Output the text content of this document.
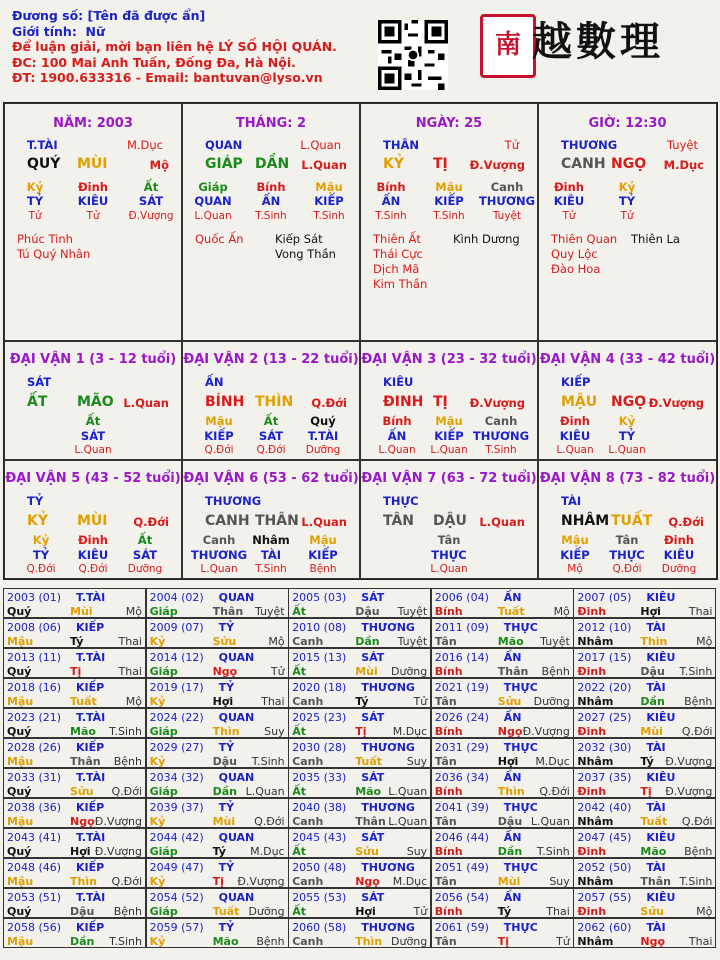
Đương số: [Tên đã được ẩn]
Giới tính: Nữ
Để luận giải, mời bạn liên hệ LÝ SỐ HỘI QUÁN.
ĐC: 100 Mai Anh Tuấn, Đống Đa, Hà Nội.
ĐT: 1900.633316 - Email: bantuvan@lyso.vn
南 越數理
NĂM: 2003
T.TÀI	M.Dục
QUÝ MÙI	Mộ
Kỷ
TỶ
Tử
Đinh
KIÊU
Tử
Ất
SÁT
Đ.Vượng
Phúc Tinh
Tú Quý Nhân
THÁNG: 2
QUAN	L.Quan
GIÁP DẦN L.Quan
Giáp
QUAN
L.Quan
Bính
ẤN
T.Sinh
Mậu
KIẾP
T.Sinh
Quốc Ấn	Kiếp Sát
Vong Thần
NGÀY: 25
THÂN	Tử
KỶ TỊ Đ.Vượng
Bính
ẤN
T.Sinh
Mậu
KIẾP
T.Sinh
Canh
THƯƠNG
Tuyệt
Thiên Ất
Thái Cực
Dịch Mã
Kim Thần
Kình Dương
GIỜ: 12:30
THƯƠNG	Tuyệt
CANH NGỌ M.Dục
Đinh
KIÊU
Tử
Kỷ
TỶ
Tử
Thiên Quan
Quy Lộc
Đào Hoa
Thiên La
ĐẠI VẬN 1 (3 - 12 tuổi)
SÁT
ẤT MÃO L.Quan
Ất
SÁT
L.Quan
ĐẠI VẬN 2 (13 - 22 tuổi)
ẤN
BÍNH THÌN Q.Đới
Mậu
KIẾP
Q.Đới
Ất
SÁT
Q.Đới
Quý
T.TÀI
Dưỡng
ĐẠI VẬN 3 (23 - 32 tuổi)
KIÊU
ĐINH TỊ Đ.Vượng
Bính
ẤN
L.Quan
Mậu
KIẾP
L.Quan
Canh
THƯƠNG
T.Sinh
ĐẠI VẬN 4 (33 - 42 tuổi)
KIẾP
MẬU NGỌ Đ.Vượng
Đinh
KIÊU
L.Quan
Kỷ
TỶ
L.Quan
ĐẠI VẬN 5 (43 - 52 tuổi)
TỶ
KỶ MÙI Q.Đới
Kỷ
TỶ
Q.Đới
Đinh
KIÊU
Q.Đới
Ất
SÁT
Dưỡng
ĐẠI VẬN 6 (53 - 62 tuổi)
THƯƠNG
CANH THÂN L.Quan
Canh
THƯƠNG
L.Quan
Nhâm
TÀI
T.Sinh
Mậu
KIẾP
Bệnh
ĐẠI VẬN 7 (63 - 72 tuổi)
THỰC
TÂN DẬU L.Quan
Tân
THỰC
L.Quan
ĐẠI VẬN 8 (73 - 82 tuổi)
TÀI
NHÂM TUẤT Q.Đới
Mậu
KIẾP
Mộ
Tân
THỰC
Q.Đới
Đinh
KIÊU
Dưỡng
2003 (01) T.TÀI
Quý	Mùi	Mộ
2004 (02) QUAN
Giáp	Thân Tuyệt
2005 (03) SÁT
Ất	Dậu Tuyệt
2006 (04) ẤN
Bính	Tuất	Mộ
2007 (05) KIÊU
Đinh	Hợi	Thai
2008 (06) KIẾP
Mậu	Tý	Thai
2009 (07) TỶ
Kỷ	Sửu	Mộ
2010 (08) THƯƠNG
Canh	Dần Tuyệt
2011 (09) THỰC
Tân	Mão Tuyệt
2012 (10) TÀI
Nhâm Thìn	Mộ
2013 (11) T.TÀI
Quý	Tị	Thai
2014 (12) QUAN
Giáp	Ngọ	Tử
2015 (13) SÁT
Ất	Mùi Dưỡng
2016 (14) ẤN
Bính	Thân Bệnh
2017 (15) KIÊU
Đinh	Dậu T.Sinh
2018 (16) KIẾP
Mậu	Tuất	Mộ
2019 (17) TỶ
Kỷ	Hợi	Thai
2020 (18) THƯƠNG
Canh	Tý	Tử
2021 (19) THỰC
Tân	Sửu Dưỡng
2022 (20) TÀI
Nhâm Dần Bệnh
2023 (21) T.TÀI
Quý	Mão T.Sinh
2024 (22) QUAN
Giáp	Thìn Suy
2025 (23) SÁT
Ất	Tị M.Dục
2026 (24) ẤN
Bính	Ngọ Đ.Vượng
2027 (25) KIÊU
Đinh	Mùi Q.Đới
2028 (26) KIẾP
Mậu	Thân Bệnh
2029 (27) TỶ
Kỷ	Dậu T.Sinh
2030 (28) THƯƠNG
Canh	Tuất Suy
2031 (29) THỰC
Tân	Hợi M.Dục
2032 (30) TÀI
Nhâm Tý Đ.Vượng
2033 (31) T.TÀI
Quý	Sửu Q.Đới
2034 (32) QUAN
Giáp	Dần L.Quan
2035 (33) SÁT
Ất	Mão L.Quan
2036 (34) ẤN
Bính	Thìn Q.Đới
2037 (35) KIÊU
Đinh	Tị Đ.Vượng
2038 (36) KIẾP
Mậu	Ngọ Đ.Vượng
2039 (37) TỶ
Kỷ	Mùi Q.Đới
2040 (38) THƯƠNG
Canh	Thân L.Quan
2041 (39) THỰC
Tân	Dậu L.Quan
2042 (40) TÀI
Nhâm Tuất Q.Đới
2043 (41) T.TÀI
Quý	Hợi Đ.Vượng
2044 (42) QUAN
Giáp	Tý M.Dục
2045 (43) SÁT
Ất	Sửu	Suy
2046 (44) ẤN
Bính	Dần T.Sinh
2047 (45) KIÊU
Đinh	Mão Bệnh
2048 (46) KIẾP
Mậu	Thìn Q.Đới
2049 (47) TỶ
Kỷ	Tị Đ.Vượng
2050 (48) THƯƠNG
Canh	Ngọ M.Dục
2051 (49) THỰC
Tân	Mùi	Suy
2052 (50) TÀI
Nhâm Thân T.Sinh
2053 (51) T.TÀI
Quý	Dậu Bệnh
2054 (52) QUAN
Giáp	Tuất Dưỡng
2055 (53) SÁT
Ất	Hợi	Tử
2056 (54) ẤN
Bính	Tý	Thai
2057 (55) KIÊU
Đinh	Sửu	Mộ
2058 (56) KIẾP
Mậu	Dần T.Sinh
2059 (57) TỶ
Kỷ	Mão Bệnh
2060 (58) THƯƠNG
Canh	Thìn Dưỡng
2061 (59) THỰC
Tân	Tị	Tử
2062 (60) TÀI
Nhâm Ngọ Thai
